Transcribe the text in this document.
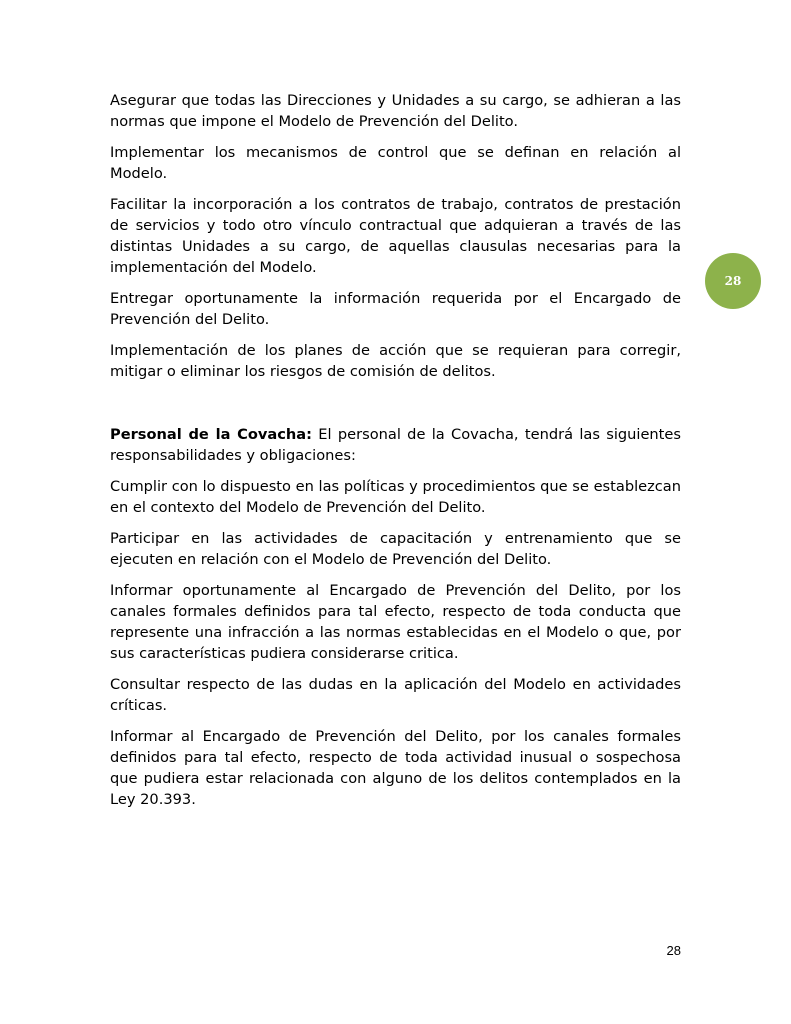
Asegurar que todas las Direcciones y Unidades a su cargo, se adhieran a las normas que impone el Modelo de Prevención del Delito.

Implementar los mecanismos de control que se definan en relación al Modelo.

Facilitar la incorporación a los contratos de trabajo, contratos de prestación de servicios y todo otro vínculo contractual que adquieran a través de las distintas Unidades a su cargo, de aquellas clausulas necesarias para la implementación del Modelo.

Entregar oportunamente la información requerida por el Encargado de Prevención del Delito.

Implementación de los planes de acción que se requieran para corregir, mitigar o eliminar los riesgos de comisión de delitos.

Personal de la Covacha: El personal de la Covacha, tendrá las siguientes responsabilidades y obligaciones:

Cumplir con lo dispuesto en las políticas y procedimientos que se establezcan en el contexto del Modelo de Prevención del Delito.

Participar en las actividades de capacitación y entrenamiento que se ejecuten en relación con el Modelo de Prevención del Delito.

Informar oportunamente al Encargado de Prevención del Delito, por los canales formales definidos para tal efecto, respecto de toda conducta que represente una infracción a las normas establecidas en el Modelo o que, por sus características pudiera considerarse critica.

Consultar respecto de las dudas en la aplicación del Modelo en actividades críticas.

Informar al Encargado de Prevención del Delito, por los canales formales definidos para tal efecto, respecto de toda actividad inusual o sospechosa que pudiera estar relacionada con alguno de los delitos contemplados en la Ley 20.393.

28
28
